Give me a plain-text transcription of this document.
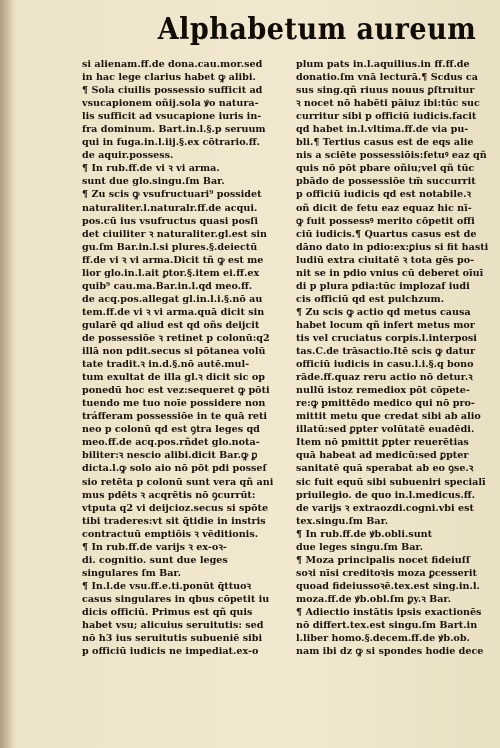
Alphabetum aureum
si alienam.ff.de dona.cau.mor.sed
in hac lege clarius habet ꝙ alibi.
¶ Sola ciuilis possessio sufficit ad
vsucapionem oñij.sola ꝟo natura-
lis sufficit ad vsucapione iuris in-
fra dominum. Bart.in.l.§.p seruum
qui in fuga.in.l.iij.§.ex cōtrario.ff.
de aquir.possess.
¶ In rub.ff.de vi ꝛ vi arma.
sunt due glo.singu.ſm Bar.
¶ Zu scis ꝙ vsufructuari⁹ possidet
naturaliter.l.naturalr.ff.de acqui.
pos.cū ius vsufructus quasi posſi
det ciuiliter ꝛ naturaliter.gl.est sin
gu.ſm Bar.in.l.si plures.§.deiectū
ff.de vi ꝛ vi arma.Dicit tñ ꝙ est me
lior glo.in.l.ait ꝑtor.§.item ei.ff.ex
quib⁹ cau.ma.Bar.in.l.qd meo.ff.
de acq.pos.allegat gl.in.l.i.§.nō au
tem.ff.de vi ꝛ vi arma.quā dicit sin
gularē qd aliud est qd oñs deijcit
de possessiōe ꝛ retinet p colonū:q2
illā non pdit.secus si pōtanea volū
tate tradit.ꝛ in.d.§.nō autē.mul-
tum exultat de illa gl.ꝛ dicit sic op
ponedū hoc est vez:sequeret ꝙ pōti
tuendo me tuo noīe possidere non
tráfferam possessiōe in te quā reti
neo p colonū qd est ꝯtra leges qd
meo.ff.de acq.pos.rñdet glo.nota-
biliter:ꝛ nescio alibi.dicit Bar.ꝙ ꝑ
dicta.l.ꝙ solo aio nō pōt pdi posseſ
sio retēta p colonū sunt vera qñ ani
mus pdēts ꝛ acqrētis nō ꝯcurrūt:
vtputa q2 vi deijcioz.secus si spōte
tibi traderes:vt sit q̄tidie in instris
contractuū emptiōis ꝛ vēditionis.
¶ In rub.ff.de varijs ꝛ ex-oꝛ-
di. cognitio. sunt due leges
singulares ſm Bar.
¶ In.l.de vsu.ff.e.ti.ponūt q̄ttuoꝛ
casus singulares in qbus cōpetit iu
dicis officiū. Primus est qñ quis
habet vsu; alicuius seruitutis: sed
nō h3 ius seruitutis subueniē sibi
p officiū iudicis ne impediat.ex-o
plum pats in.l.aquilius.in ff.ff.de
donatio.ſm vnā lecturā.¶ Scdus ca
sus sing.qñ riuus nouus ꝑſtruitur
ꝛ nocet nō habēti pāiuz ibi:tūc suc
curritur sibi p officiū iudicis.facit
qd habet in.l.vltima.ff.de via pu-
bli.¶ Tertius casus est de eqs alie
nis a sciēte possessiōis:fetuꝰ eaz qñ
quis nō pōt pbare oñiu;vel qñ tūc
pbādo de possessiōe tm̄ succurrit
p officiū iudicis qd est notabile.ꝛ
oñ dicit de fetu eaz equaz hic nī-
ꝙ fuit possessꝰ merito cōpetit offi
ciū iudicis.¶ Quartus casus est de
dāno dato in pdio:ex:ꝑius si fit hasti
ludiū extra ciuitatē ꝛ tota gēs po-
nit se in pdio vnius cū deberet oīuī
di p plura pdia:tūc implozaf iudi
cis officiū qd est pulchzum.
¶ Zu scis ꝙ actio qd metus causa
habet locum qñ infert metus mor
tis vel cruciatus corpis.l.interposi
tas.C.de trāsactio.Itē scis ꝙ datur
officiū iudicis in casu.l.i.§.q bono
rāde.ff.quaz reru actio nō detur.ꝛ
nullū istoz remediox pōt cōpete-
re:ꝙ pmittēdo medico qui nō pro-
mittit metu que credat sibi ab alio
illatū:sed ꝑpter volūtatē euadēdi.
Item nō pmittit ꝑpter reuerētias
quā habeat ad medicū:sed ꝑpter
sanitatē quā sperabat ab eo ꝯse.ꝛ
sic fuit equū sibi subueniri specialī
priuilegio. de quo in.l.medicus.ff.
de varijs ꝛ extraozdi.cogni.vbi est
tex.singu.ſm Bar.
¶ In rub.ff.de ꝟb.obli.sunt
due leges singu.ſm Bar.
¶ Moza principalis nocet fideiuſſ
soꝛi nīsi creditoꝛis moza ꝑcesserit
quoad fideiussoꝛē.tex.est sing.in.l.
moza.ff.de ꝟb.obl.ſm ꝑy.ꝛ Bar.
¶ Adiectio instātis ipsis exactionēs
nō differt.tex.est singu.ſm Bart.in
l.liber homo.§.decem.ff.de ꝟb.ob.
nam ibi dz ꝙ si spondes hodie dece
